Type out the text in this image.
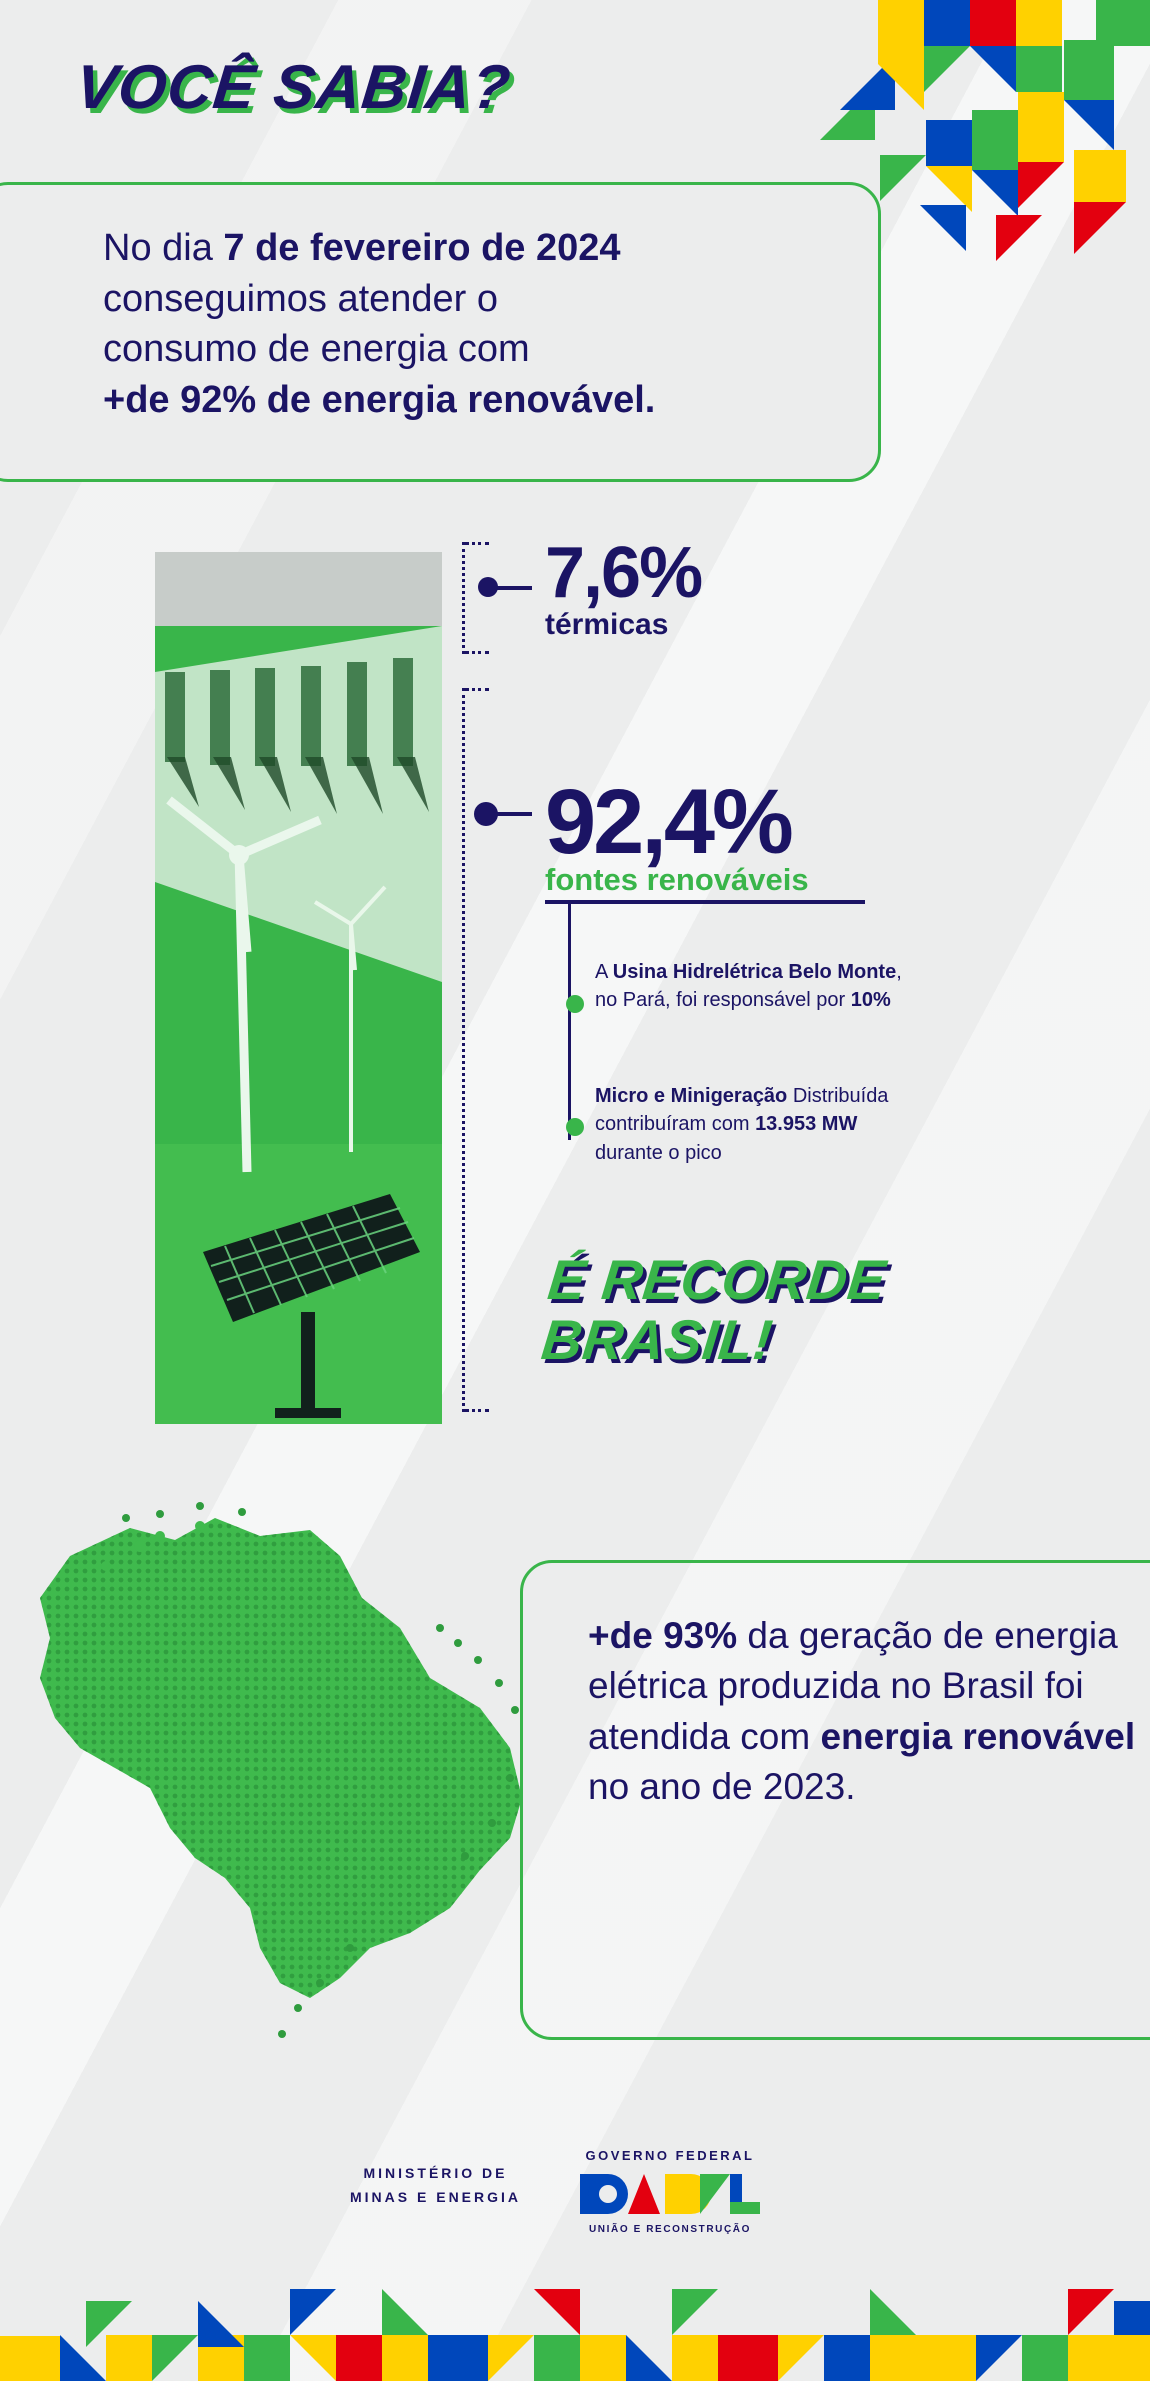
VOCÊ SABIA?
No dia 7 de fevereiro de 2024
conseguimos atender o
consumo de energia com
+de 92% de energia renovável.
7,6%
térmicas
92,4%
fontes renováveis
A Usina Hidrelétrica Belo Monte, no Pará, foi responsável por 10%
Micro e Minigeração Distribuída contribuíram com 13.953 MW durante o pico
É RECORDE
BRASIL!
+de 93% da geração de energia elétrica produzida no Brasil foi atendida com energia renovável no ano de 2023.
MINISTÉRIO DE
MINAS E ENERGIA
GOVERNO FEDERAL
UNIÃO E RECONSTRUÇÃO
